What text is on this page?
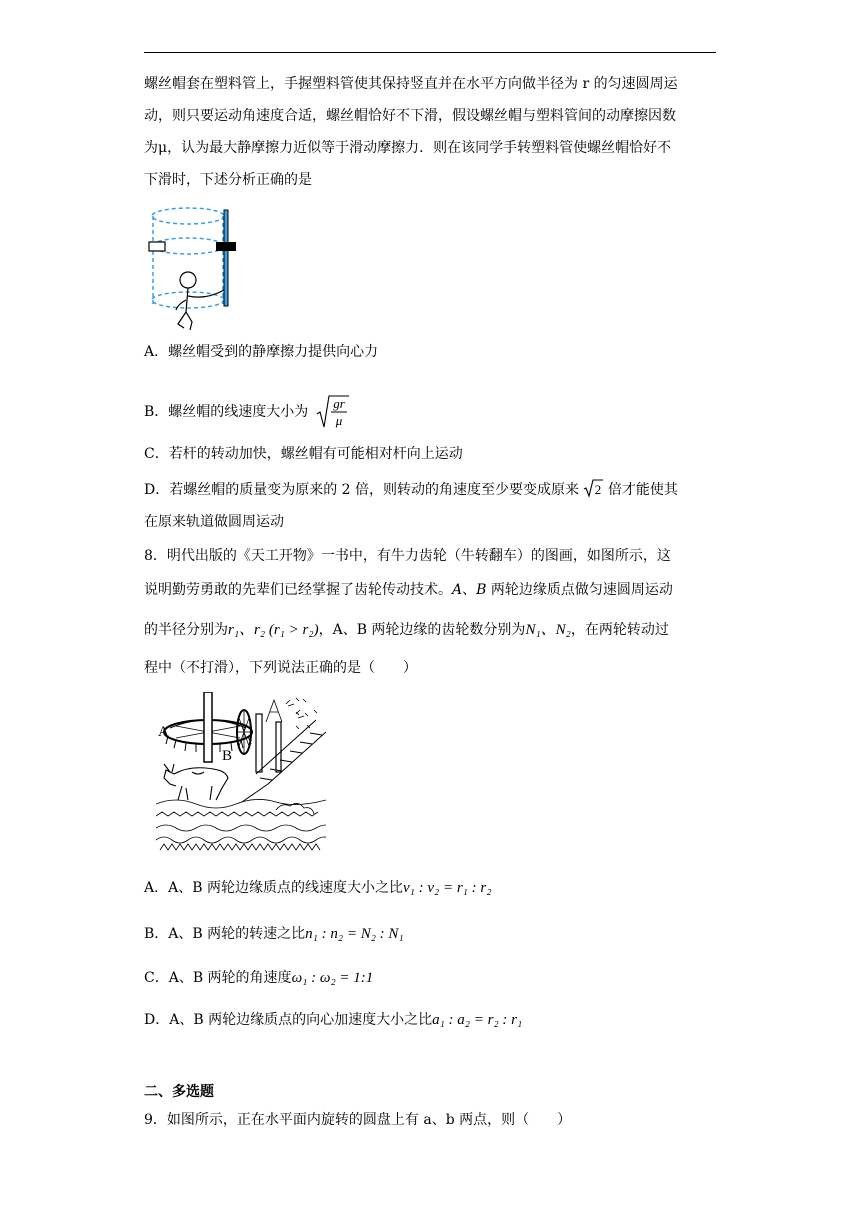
螺丝帽套在塑料管上，手握塑料管使其保持竖直并在水平方向做半径为 r 的匀速圆周运
动，则只要运动角速度合适，螺丝帽恰好不下滑，假设螺丝帽与塑料管间的动摩擦因数
为μ，认为最大静摩擦力近似等于滑动摩擦力．则在该同学手转塑料管使螺丝帽恰好不
下滑时，下述分析正确的是
A．螺丝帽受到的静摩擦力提供向心力
B．螺丝帽的线速度大小为
gr
μ
C．若杆的转动加快，螺丝帽有可能相对杆向上运动
D．若螺丝帽的质量变为原来的 2 倍，则转动的角速度至少要变成原来 2 倍才能使其
在原来轨道做圆周运动
8．明代出版的《天工开物》一书中，有牛力齿轮（牛转翻车）的图画，如图所示，这
说明勤劳勇敢的先辈们已经掌握了齿轮传动技术。A、B 两轮边缘质点做匀速圆周运动
的半径分别为r₁、r₂ (r₁ > r₂)，A、B 两轮边缘的齿轮数分别为N₁、N₂，在两轮转动过
程中（不打滑），下列说法正确的是（　　）
A
B
A．A、B 两轮边缘质点的线速度大小之比v₁ : v₂ = r₁ : r₂
B．A、B 两轮的转速之比n₁ : n₂ = N₂ : N₁
C．A、B 两轮的角速度ω₁ : ω₂ = 1:1
D．A、B 两轮边缘质点的向心加速度大小之比a₁ : a₂ = r₂ : r₁
二、多选题
9．如图所示，正在水平面内旋转的圆盘上有 a、b 两点，则（　　）
